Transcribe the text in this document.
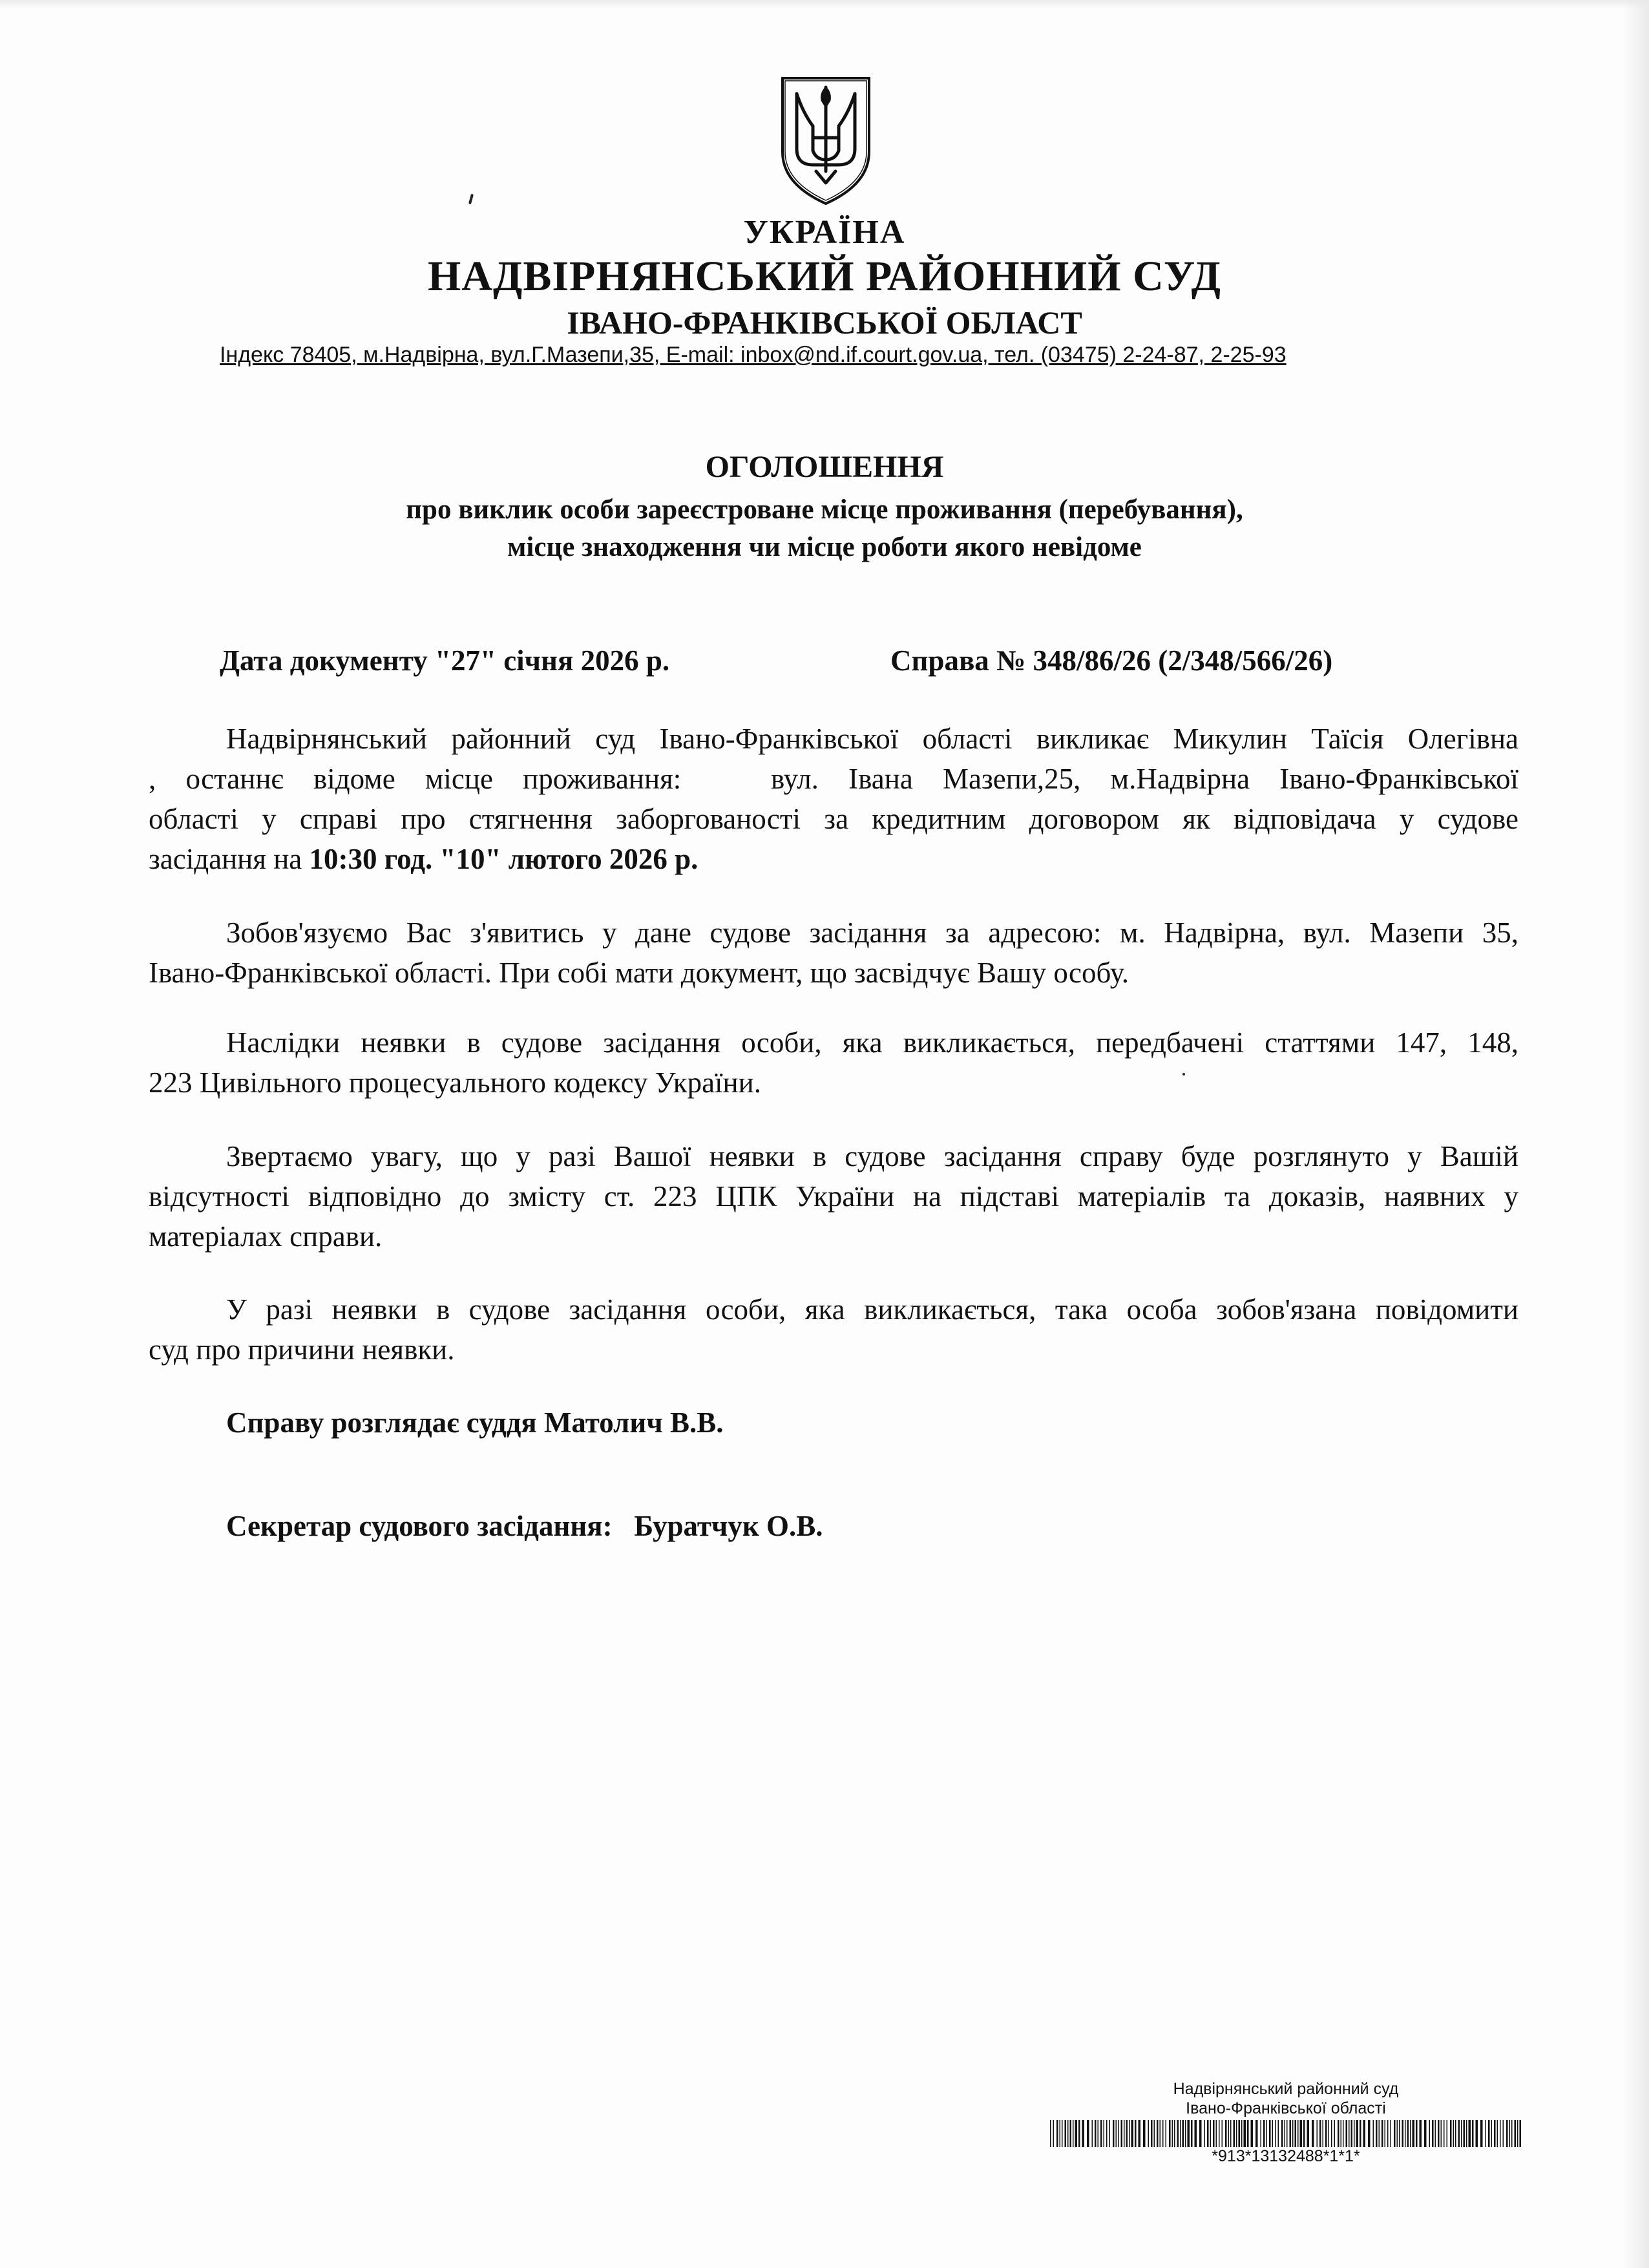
УКРАЇНА
НАДВІРНЯНСЬКИЙ РАЙОННИЙ СУД
ІВАНО-ФРАНКІВСЬКОЇ ОБЛАСТ
Індекс 78405, м.Надвірна, вул.Г.Мазепи,35, E-mail: inbox@nd.if.court.gov.ua, тел. (03475) 2-24-87, 2-25-93
ОГОЛОШЕННЯ
про виклик особи зареєстроване місце проживання (перебування),
місце знаходження чи місце роботи якого невідоме
Дата документу "27" січня 2026 р.	Справа № 348/86/26 (2/348/566/26)
Надвірнянський районний суд Івано-Франківської області викликає Микулин Таїсія Олегівна
, останнє відоме місце проживання:   вул. Івана Мазепи,25, м.Надвірна Івано-Франківської
області у справі про стягнення заборгованості за кредитним договором як відповідача у судове
засідання на 10:30 год. "10" лютого 2026 р.
Зобов'язуємо Вас з'явитись у дане судове засідання за адресою: м. Надвірна, вул. Мазепи 35,
Івано-Франківської області. При собі мати документ, що засвідчує Вашу особу.
Наслідки неявки в судове засідання особи, яка викликається, передбачені статтями 147, 148,
223 Цивільного процесуального кодексу України.
Звертаємо увагу, що у разі Вашої неявки в судове засідання справу буде розглянуто у Вашій
відсутності відповідно до змісту ст. 223 ЦПК України на підставі матеріалів та доказів, наявних у
матеріалах справи.
У разі неявки в судове засідання особи, яка викликається, така особа зобов'язана повідомити
суд про причини неявки.
Справу розглядає суддя Матолич В.В.
Секретар судового засідання: Буратчук О.В.
Надвірнянський районний суд
Івано-Франківської області
*913*13132488*1*1*
